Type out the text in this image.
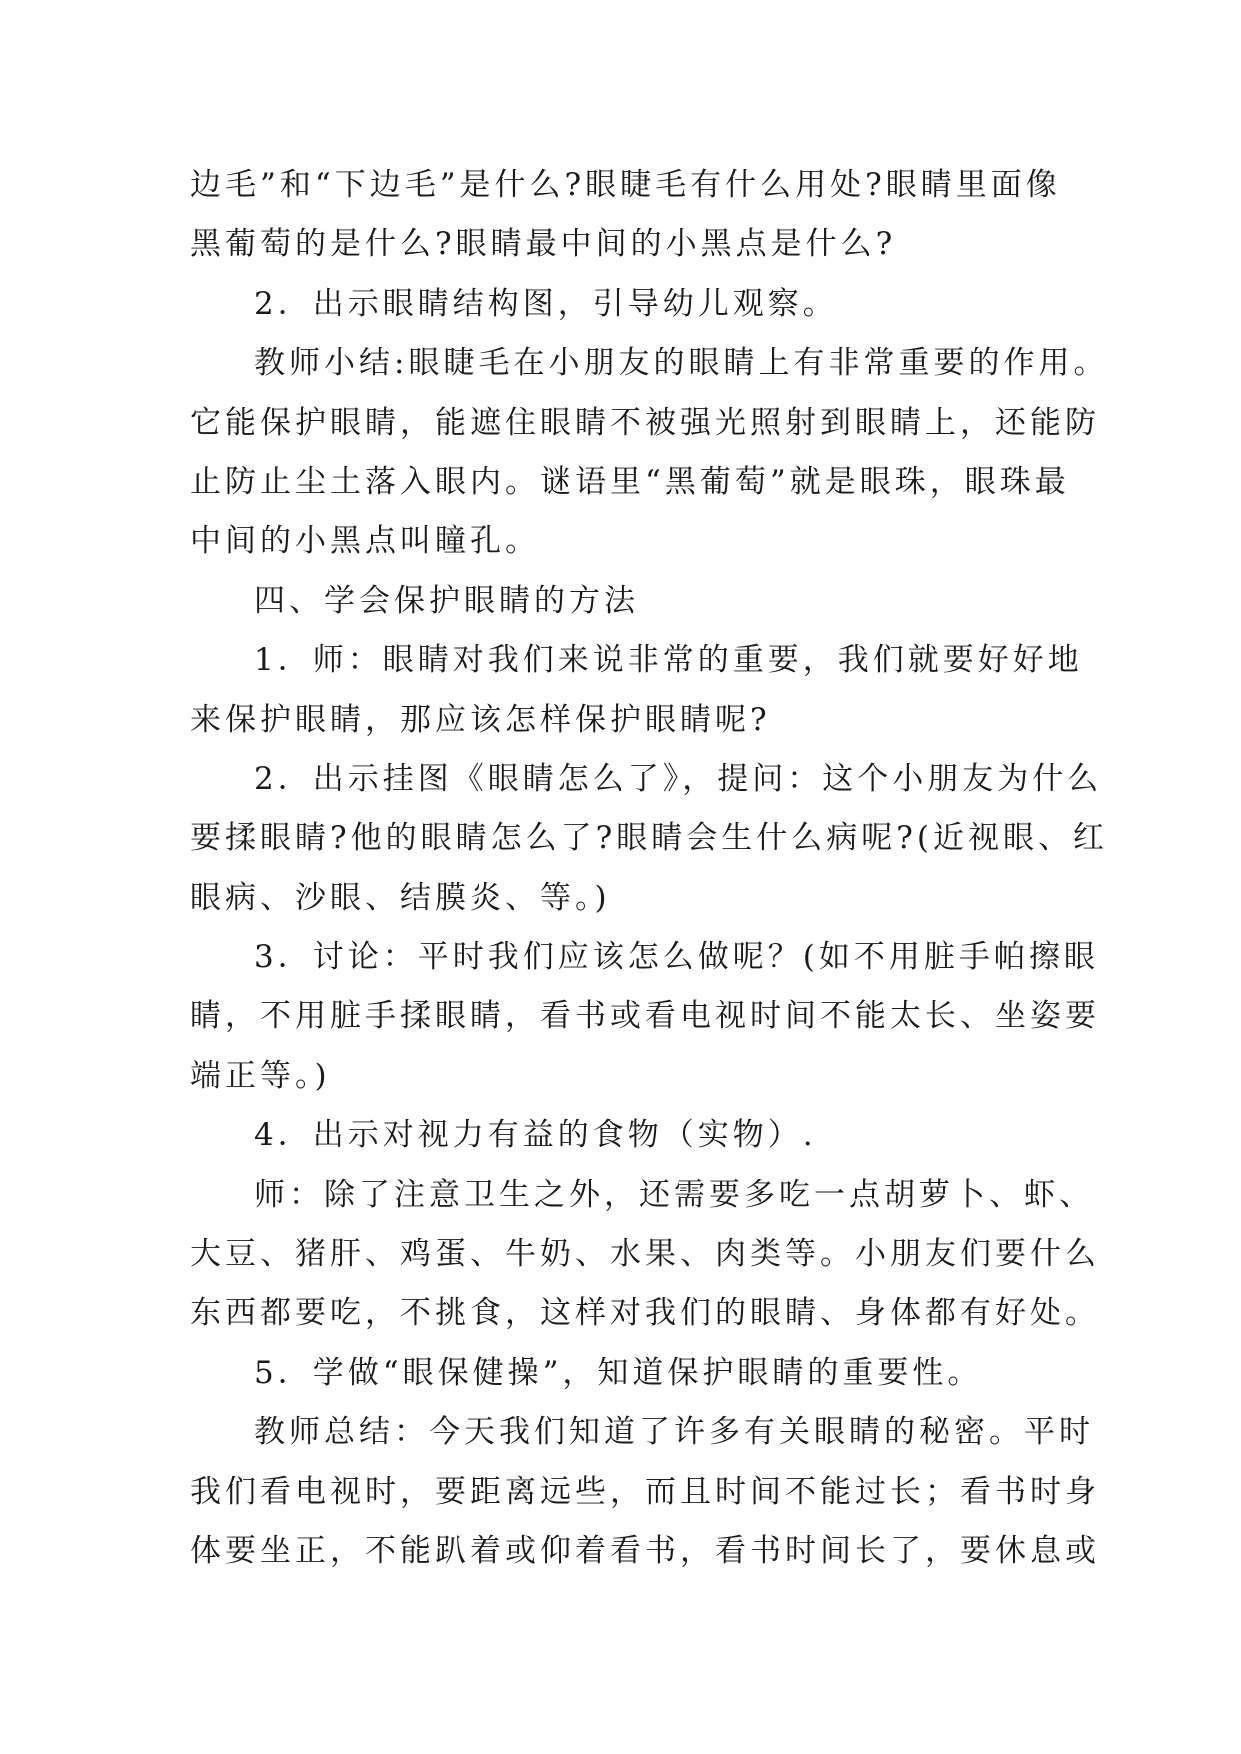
边毛”和“下边毛”是什么?眼睫毛有什么用处?眼睛里面像
黑葡萄的是什么?眼睛最中间的小黑点是什么?
2．出示眼睛结构图，引导幼儿观察。
教师小结:眼睫毛在小朋友的眼睛上有非常重要的作用。
它能保护眼睛，能遮住眼睛不被强光照射到眼睛上，还能防
止防止尘土落入眼内。谜语里“黑葡萄”就是眼珠，眼珠最
中间的小黑点叫瞳孔。
四、学会保护眼睛的方法
1．师：眼睛对我们来说非常的重要，我们就要好好地
来保护眼睛，那应该怎样保护眼睛呢?
2．出示挂图《眼睛怎么了》，提问：这个小朋友为什么
要揉眼睛?他的眼睛怎么了?眼睛会生什么病呢?(近视眼、红
眼病、沙眼、结膜炎、等。)
3．讨论：平时我们应该怎么做呢？(如不用脏手帕擦眼
睛，不用脏手揉眼睛，看书或看电视时间不能太长、坐姿要
端正等。)
4．出示对视力有益的食物（实物）.
师：除了注意卫生之外，还需要多吃一点胡萝卜、虾、
大豆、猪肝、鸡蛋、牛奶、水果、肉类等。小朋友们要什么
东西都要吃，不挑食，这样对我们的眼睛、身体都有好处。
5．学做“眼保健操”，知道保护眼睛的重要性。
教师总结：今天我们知道了许多有关眼睛的秘密。平时
我们看电视时，要距离远些，而且时间不能过长；看书时身
体要坐正，不能趴着或仰着看书，看书时间长了，要休息或
